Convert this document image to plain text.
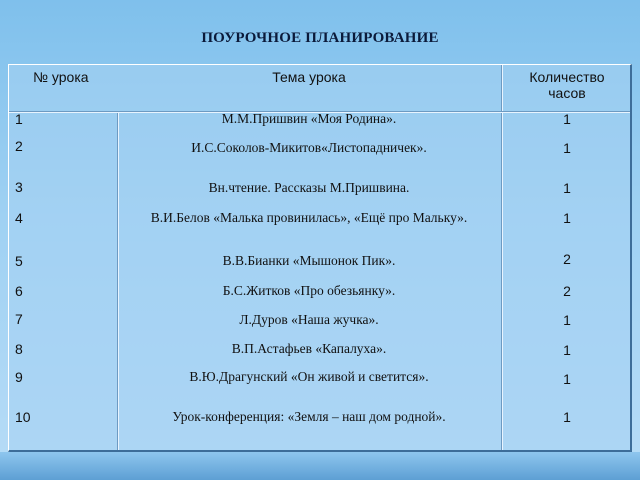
ПОУРОЧНОЕ ПЛАНИРОВАНИЕ
№ урока	Тема урока	Количество
часов
1	М.М.Пришвин «Моя Родина».	1
2	И.С.Соколов-Микитов«Листопадничек».	1
3	Вн.чтение. Рассказы М.Пришвина.	1
4	В.И.Белов «Малька провинилась», «Ещё про Мальку».	1
5	В.В.Бианки «Мышонок Пик».	2
6	Б.С.Житков «Про обезьянку».	2
7	Л.Дуров «Наша жучка».	1
8	В.П.Астафьев «Капалуха».	1
9	В.Ю.Драгунский «Он живой и светится».	1
10	Урок-конференция: «Земля – наш дом родной».	1
